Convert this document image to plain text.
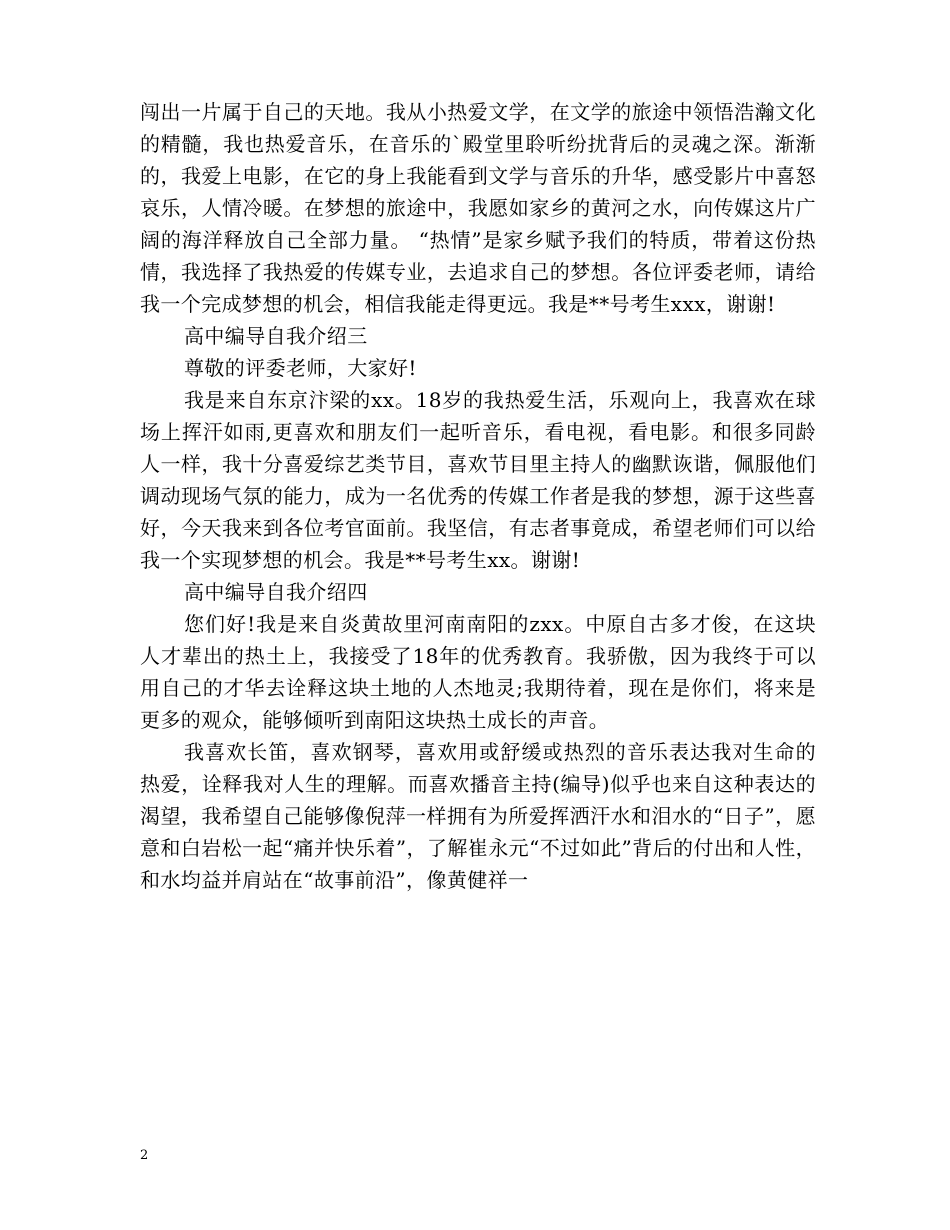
闯出一片属于自己的天地。我从小热爱文学，在文学的旅途中领悟浩瀚文化的精髓，我也热爱音乐，在音乐的`殿堂里聆听纷扰背后的灵魂之深。渐渐的，我爱上电影，在它的身上我能看到文学与音乐的升华，感受影片中喜怒哀乐，人情冷暖。在梦想的旅途中，我愿如家乡的黄河之水，向传媒这片广阔的海洋释放自己全部力量。 “热情”是家乡赋予我们的特质，带着这份热情，我选择了我热爱的传媒专业，去追求自己的梦想。各位评委老师，请给我一个完成梦想的机会，相信我能走得更远。我是**号考生xxx，谢谢!

高中编导自我介绍三

尊敬的评委老师，大家好!

我是来自东京汴梁的xx。18岁的我热爱生活，乐观向上，我喜欢在球场上挥汗如雨,更喜欢和朋友们一起听音乐，看电视，看电影。和很多同龄人一样，我十分喜爱综艺类节目，喜欢节目里主持人的幽默诙谐，佩服他们调动现场气氛的能力，成为一名优秀的传媒工作者是我的梦想，源于这些喜好，今天我来到各位考官面前。我坚信，有志者事竟成，希望老师们可以给我一个实现梦想的机会。我是**号考生xx。谢谢!

高中编导自我介绍四

您们好!我是来自炎黄故里河南南阳的zxx。中原自古多才俊，在这块人才辈出的热土上，我接受了18年的优秀教育。我骄傲，因为我终于可以用自己的才华去诠释这块土地的人杰地灵;我期待着，现在是你们，将来是更多的观众，能够倾听到南阳这块热土成长的声音。

我喜欢长笛，喜欢钢琴，喜欢用或舒缓或热烈的音乐表达我对生命的热爱，诠释我对人生的理解。而喜欢播音主持(编导)似乎也来自这种表达的渴望，我希望自己能够像倪萍一样拥有为所爱挥洒汗水和泪水的“日子”，愿意和白岩松一起“痛并快乐着”，了解崔永元“不过如此”背后的付出和人性，和水均益并肩站在“故事前沿”，像黄健祥一

2
